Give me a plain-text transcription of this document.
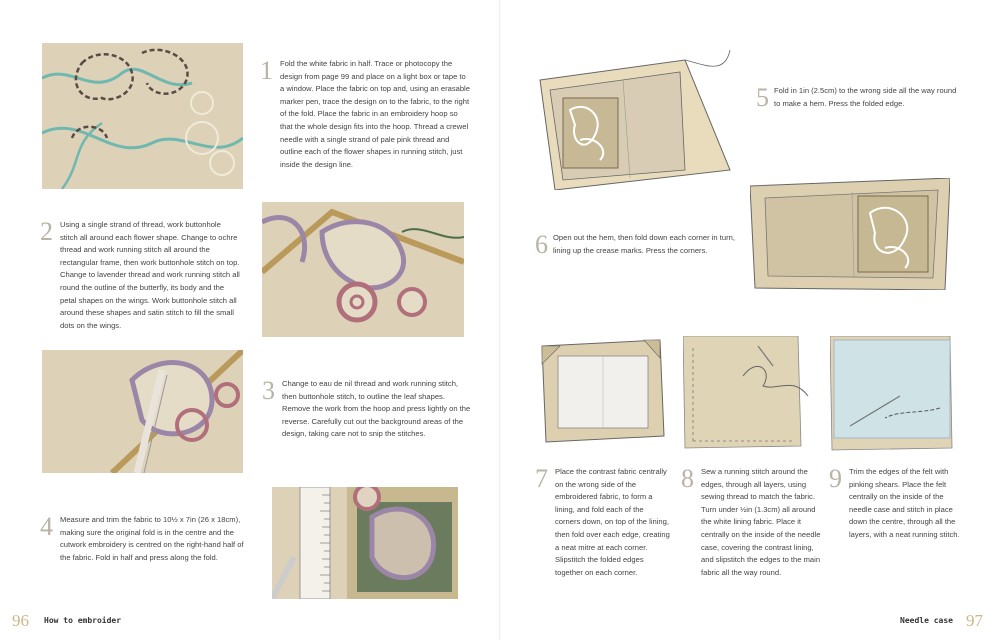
1 Fold the white fabric in half. Trace or photocopy the design from page 99 and place on a light box or tape to a window. Place the fabric on top and, using an erasable marker pen, trace the design on to the fabric, to the right of the fold. Place the fabric in an embroidery hoop so that the whole design fits into the hoop. Thread a crewel needle with a single strand of pale pink thread and outline each of the flower shapes in running stitch, just inside the design line.

2 Using a single strand of thread, work buttonhole stitch all around each flower shape. Change to ochre thread and work running stitch all around the rectangular frame, then work buttonhole stitch on top. Change to lavender thread and work running stitch all round the outline of the butterfly, its body and the petal shapes on the wings. Work buttonhole stitch all around these shapes and satin stitch to fill the small dots on the wings.

3 Change to eau de nil thread and work running stitch, then buttonhole stitch, to outline the leaf shapes. Remove the work from the hoop and press lightly on the reverse. Carefully cut out the background areas of the design, taking care not to snip the stitches.

4 Measure and trim the fabric to 10½ x 7in (26 x 18cm), making sure the original fold is in the centre and the cutwork embroidery is centred on the right-hand half of the fabric. Fold in half and press along the fold.

5 Fold in 1in (2.5cm) to the wrong side all the way round to make a hem. Press the folded edge.

6 Open out the hem, then fold down each corner in turn, lining up the crease marks. Press the corners.

7 Place the contrast fabric centrally on the wrong side of the embroidered fabric, to form a lining, and fold each of the corners down, on top of the lining, then fold over each edge, creating a neat mitre at each corner. Slipstitch the folded edges together on each corner.

8 Sew a running stitch around the edges, through all layers, using sewing thread to match the fabric. Turn under ½in (1.3cm) all around the white lining fabric. Place it centrally on the inside of the needle case, covering the contrast lining, and slipstitch the edges to the main fabric all the way round.

9 Trim the edges of the felt with pinking shears. Place the felt centrally on the inside of the needle case and stitch in place down the centre, through all the layers, with a neat running stitch.

96 How to embroider	Needle case 97
